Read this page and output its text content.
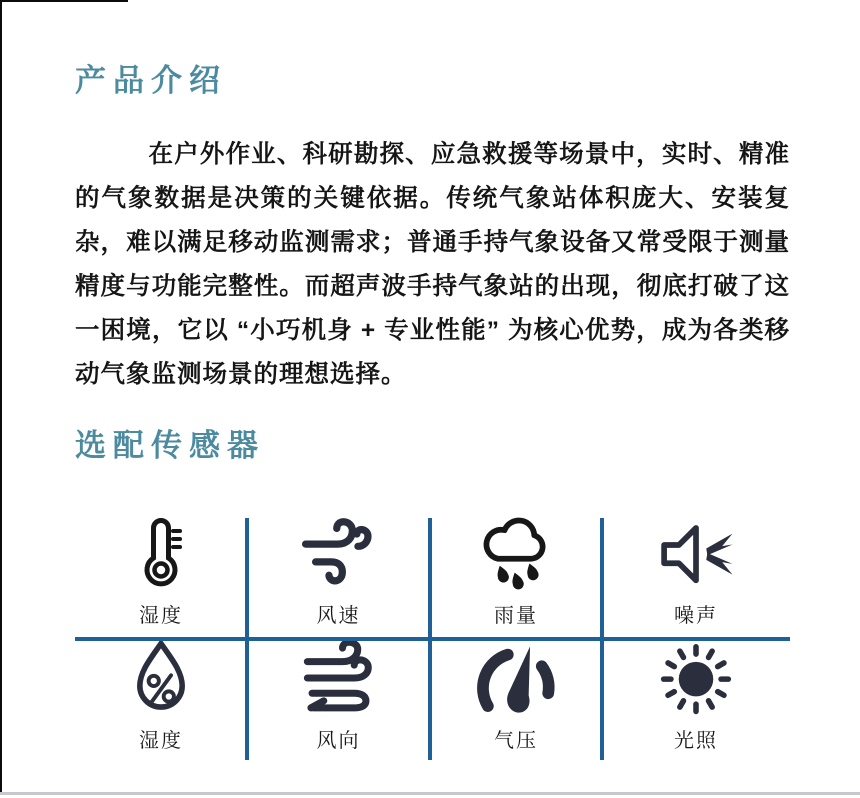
产品介绍
在户外作业、科研勘探、应急救援等场景中，实时、精准的气象数据是决策的关键依据。传统气象站体积庞大、安装复杂，难以满足移动监测需求；普通手持气象设备又常受限于测量精度与功能完整性。而超声波手持气象站的出现，彻底打破了这一困境，它以 “小巧机身 + 专业性能” 为核心优势，成为各类移动气象监测场景的理想选择。
选配传感器
湿度	风速	雨量	噪声
湿度	风向	气压	光照
